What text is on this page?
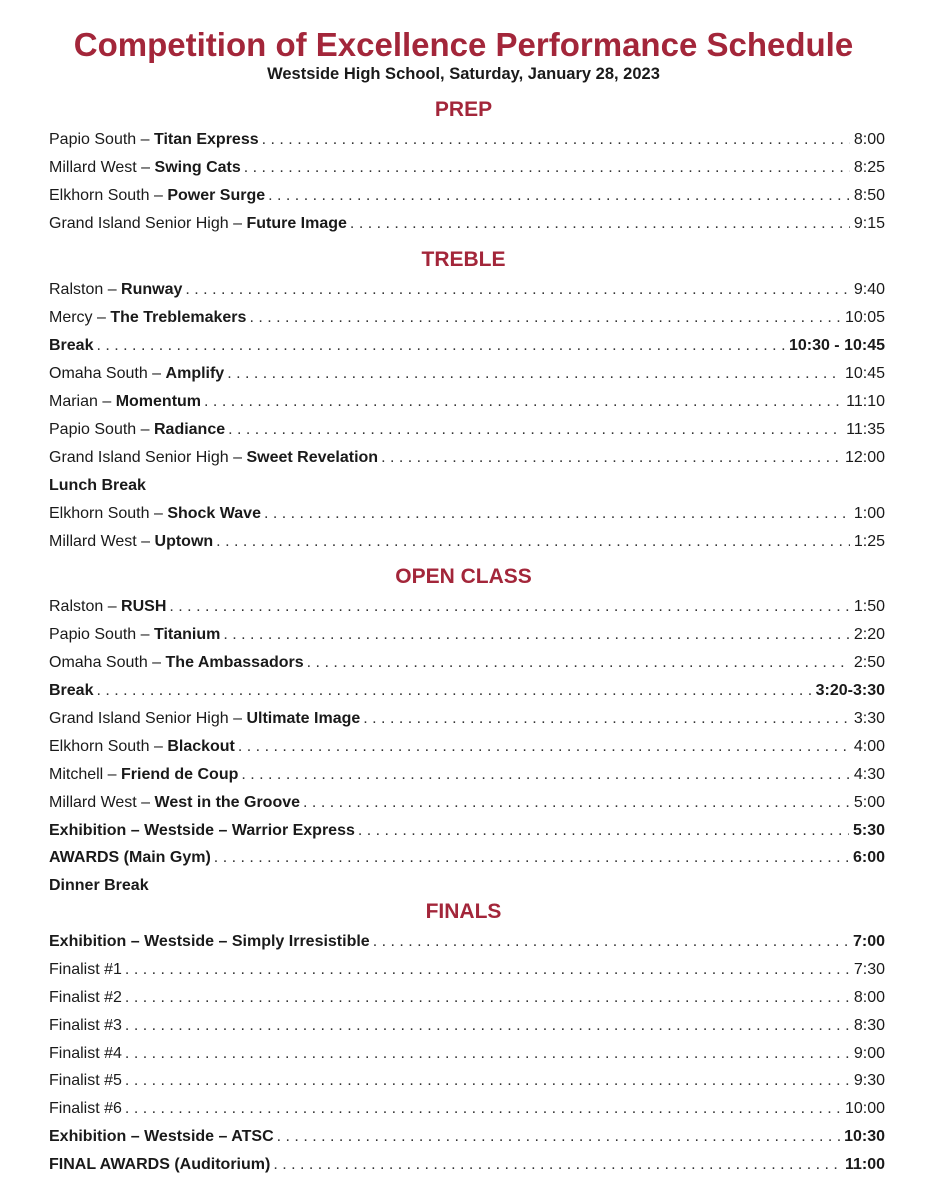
Competition of Excellence Performance Schedule
Westside High School, Saturday, January 28, 2023
PREP
Papio South – Titan Express . . .	8:00
Millard West – Swing Cats . . .	8:25
Elkhorn South – Power Surge . . .	8:50
Grand Island Senior High – Future Image . . .	9:15
TREBLE
Ralston – Runway . . .	9:40
Mercy – The Treblemakers . . .	10:05
Break . . .	10:30 - 10:45
Omaha South – Amplify . . .	10:45
Marian – Momentum . . .	11:10
Papio South – Radiance . . .	11:35
Grand Island Senior High – Sweet Revelation . . .	12:00
Lunch Break
Elkhorn South – Shock Wave . . .	1:00
Millard West – Uptown . . .	1:25
OPEN CLASS
Ralston – RUSH . . .	1:50
Papio South – Titanium . . .	2:20
Omaha South – The Ambassadors . . .	2:50
Break . . .	3:20-3:30
Grand Island Senior High – Ultimate Image . . .	3:30
Elkhorn South – Blackout . . .	4:00
Mitchell – Friend de Coup . . .	4:30
Millard West – West in the Groove . . .	5:00
Exhibition – Westside – Warrior Express . . .	5:30
AWARDS (Main Gym) . . .	6:00
Dinner Break
FINALS
Exhibition – Westside – Simply Irresistible . . .	7:00
Finalist #1 . . .	7:30
Finalist #2 . . .	8:00
Finalist #3 . . .	8:30
Finalist #4 . . .	9:00
Finalist #5 . . .	9:30
Finalist #6 . . .	10:00
Exhibition – Westside – ATSC . . .	10:30
FINAL AWARDS (Auditorium) . . .	11:00
